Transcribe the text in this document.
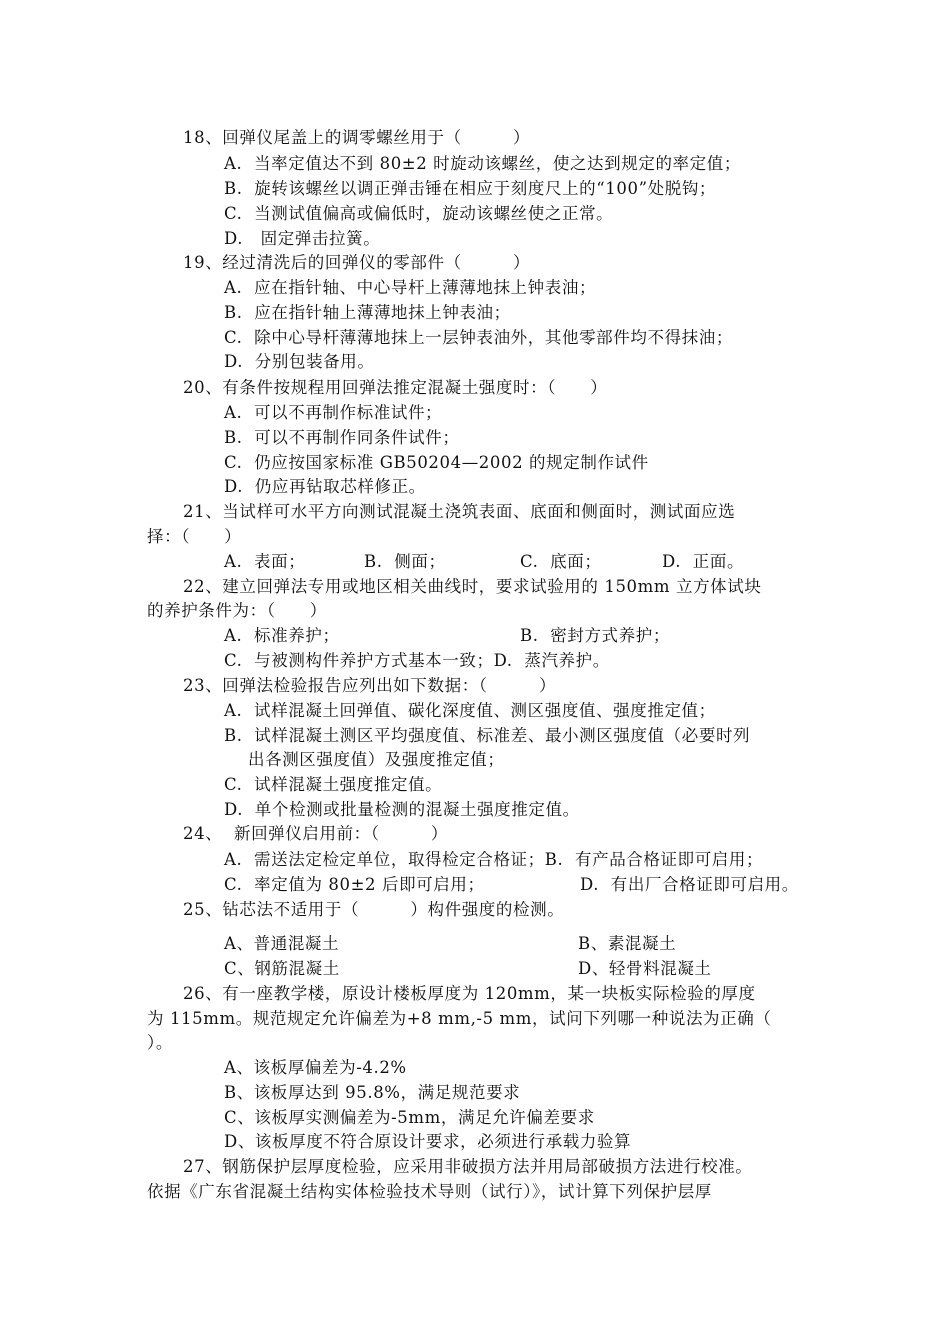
18、回弹仪尾盖上的调零螺丝用于（　　　）
A.  当率定值达不到 80±2 时旋动该螺丝，使之达到规定的率定值；
B.  旋转该螺丝以调正弹击锤在相应于刻度尺上的“100”处脱钩；
C.  当测试值偏高或偏低时，旋动该螺丝使之正常。
D.   固定弹击拉簧。
19、经过清洗后的回弹仪的零部件（　　　）
A.  应在指针轴、中心导杆上薄薄地抹上钟表油；
B.  应在指针轴上薄薄地抹上钟表油；
C.  除中心导杆薄薄地抹上一层钟表油外，其他零部件均不得抹油；
D.  分别包装备用。
20、有条件按规程用回弹法推定混凝土强度时：（　　）
A.  可以不再制作标准试件；
B.  可以不再制作同条件试件；
C.  仍应按国家标准 GB50204—2002 的规定制作试件
D.  仍应再钻取芯样修正。
21、当试样可水平方向测试混凝土浇筑表面、底面和侧面时，测试面应选
择：（　　）
A.  表面；	B.  侧面；	C.  底面；	D.  正面。
22、建立回弹法专用或地区相关曲线时，要求试验用的 150mm 立方体试块
的养护条件为：（　　）
A.  标准养护；	B.  密封方式养护；
C.  与被测构件养护方式基本一致；D.  蒸汽养护。
23、回弹法检验报告应列出如下数据：（　　　）
A.  试样混凝土回弹值、碳化深度值、测区强度值、强度推定值；
B.  试样混凝土测区平均强度值、标准差、最小测区强度值（必要时列
出各测区强度值）及强度推定值；
C.  试样混凝土强度推定值。
D.  单个检测或批量检测的混凝土强度推定值。
24、  新回弹仪启用前：（　　　）
A.  需送法定检定单位，取得检定合格证；B.  有产品合格证即可启用；
C.  率定值为 80±2 后即可启用；	D.  有出厂合格证即可启用。
25、钻芯法不适用于（　　　）构件强度的检测。
A、普通混凝土	B、素混凝土
C、钢筋混凝土	D、轻骨料混凝土
26、有一座教学楼，原设计楼板厚度为 120mm，某一块板实际检验的厚度
为 115mm。规范规定允许偏差为+8 mm,-5 mm，试问下列哪一种说法为正确（
）。
A、该板厚偏差为-4.2%
B、该板厚达到 95.8%，满足规范要求
C、该板厚实测偏差为-5mm，满足允许偏差要求
D、该板厚度不符合原设计要求，必须进行承载力验算
27、钢筋保护层厚度检验，应采用非破损方法并用局部破损方法进行校准。
依据《广东省混凝土结构实体检验技术导则（试行）》，试计算下列保护层厚
